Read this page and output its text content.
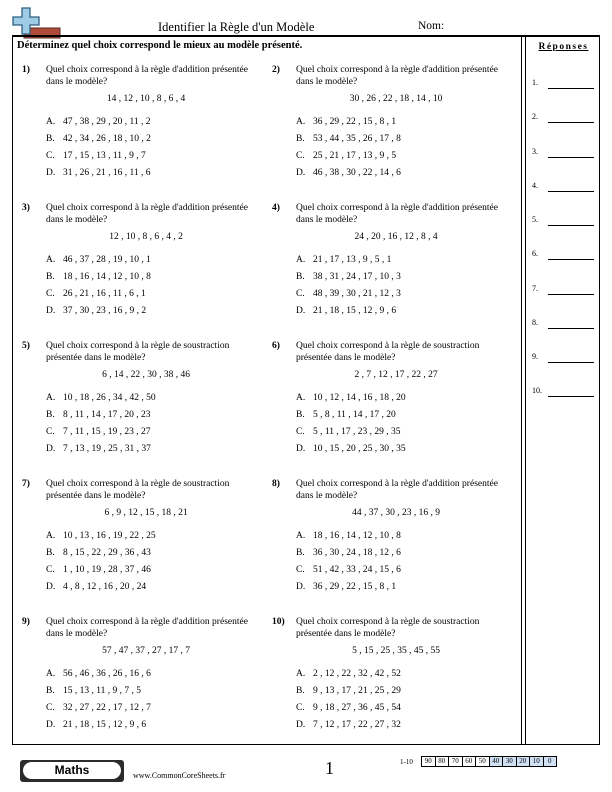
Identifier la Règle d'un Modèle	Nom:
Déterminez quel choix correspond le mieux au modèle présenté.	Réponses
1.
2.
3.
4.
5.
6.
7.
8.
9.
10.
1) Quel choix correspond à la règle d'addition présentée dans le modèle?
14 , 12 , 10 , 8 , 6 , 4
A. 47 , 38 , 29 , 20 , 11 , 2
B. 42 , 34 , 26 , 18 , 10 , 2
C. 17 , 15 , 13 , 11 , 9 , 7
D. 31 , 26 , 21 , 16 , 11 , 6
2) Quel choix correspond à la règle d'addition présentée dans le modèle?
30 , 26 , 22 , 18 , 14 , 10
A. 36 , 29 , 22 , 15 , 8 , 1
B. 53 , 44 , 35 , 26 , 17 , 8
C. 25 , 21 , 17 , 13 , 9 , 5
D. 46 , 38 , 30 , 22 , 14 , 6
3) Quel choix correspond à la règle d'addition présentée dans le modèle?
12 , 10 , 8 , 6 , 4 , 2
A. 46 , 37 , 28 , 19 , 10 , 1
B. 18 , 16 , 14 , 12 , 10 , 8
C. 26 , 21 , 16 , 11 , 6 , 1
D. 37 , 30 , 23 , 16 , 9 , 2
4) Quel choix correspond à la règle d'addition présentée dans le modèle?
24 , 20 , 16 , 12 , 8 , 4
A. 21 , 17 , 13 , 9 , 5 , 1
B. 38 , 31 , 24 , 17 , 10 , 3
C. 48 , 39 , 30 , 21 , 12 , 3
D. 21 , 18 , 15 , 12 , 9 , 6
5) Quel choix correspond à la règle de soustraction présentée dans le modèle?
6 , 14 , 22 , 30 , 38 , 46
A. 10 , 18 , 26 , 34 , 42 , 50
B. 8 , 11 , 14 , 17 , 20 , 23
C. 7 , 11 , 15 , 19 , 23 , 27
D. 7 , 13 , 19 , 25 , 31 , 37
6) Quel choix correspond à la règle de soustraction présentée dans le modèle?
2 , 7 , 12 , 17 , 22 , 27
A. 10 , 12 , 14 , 16 , 18 , 20
B. 5 , 8 , 11 , 14 , 17 , 20
C. 5 , 11 , 17 , 23 , 29 , 35
D. 10 , 15 , 20 , 25 , 30 , 35
7) Quel choix correspond à la règle de soustraction présentée dans le modèle?
6 , 9 , 12 , 15 , 18 , 21
A. 10 , 13 , 16 , 19 , 22 , 25
B. 8 , 15 , 22 , 29 , 36 , 43
C. 1 , 10 , 19 , 28 , 37 , 46
D. 4 , 8 , 12 , 16 , 20 , 24
8) Quel choix correspond à la règle d'addition présentée dans le modèle?
44 , 37 , 30 , 23 , 16 , 9
A. 18 , 16 , 14 , 12 , 10 , 8
B. 36 , 30 , 24 , 18 , 12 , 6
C. 51 , 42 , 33 , 24 , 15 , 6
D. 36 , 29 , 22 , 15 , 8 , 1
9) Quel choix correspond à la règle d'addition présentée dans le modèle?
57 , 47 , 37 , 27 , 17 , 7
A. 56 , 46 , 36 , 26 , 16 , 6
B. 15 , 13 , 11 , 9 , 7 , 5
C. 32 , 27 , 22 , 17 , 12 , 7
D. 21 , 18 , 15 , 12 , 9 , 6
10) Quel choix correspond à la règle de soustraction présentée dans le modèle?
5 , 15 , 25 , 35 , 45 , 55
A. 2 , 12 , 22 , 32 , 42 , 52
B. 9 , 13 , 17 , 21 , 25 , 29
C. 9 , 18 , 27 , 36 , 45 , 54
D. 7 , 12 , 17 , 22 , 27 , 32
Maths	www.CommonCoreSheets.fr	1	1-10	90 80 70 60 50 40 30 20 10	0
